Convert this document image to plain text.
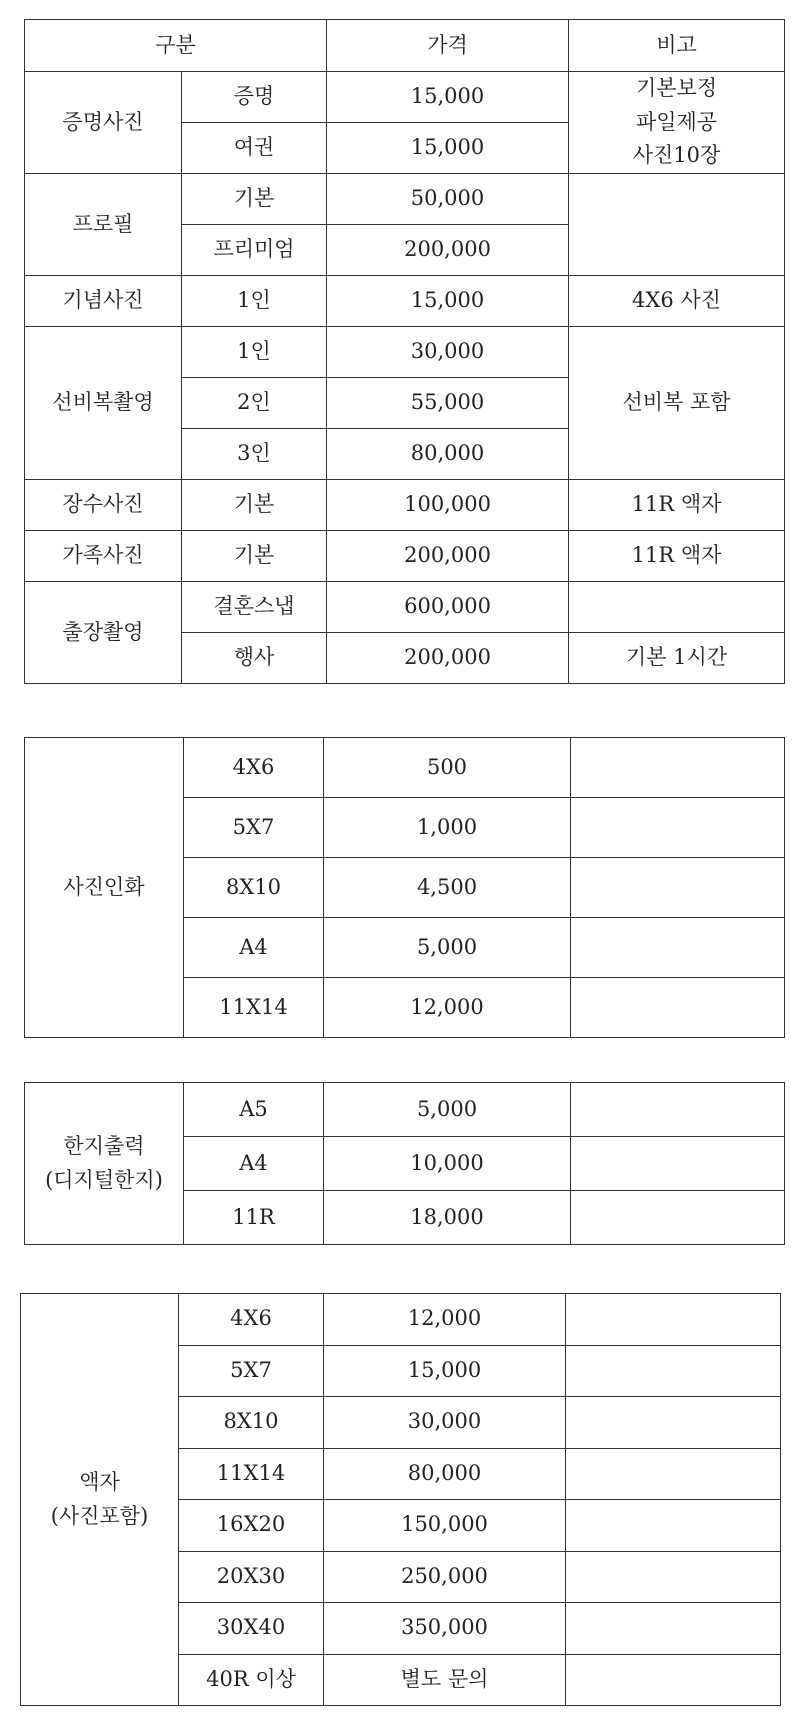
구분		가격	비고
증명사진	증명	15,000	기본보정
파일제공
사진10장
	여권	15,000	
프로필	기본	50,000	
	프리미엄	200,000	
기념사진	1인	15,000	4X6 사진
선비복촬영	1인	30,000	선비복 포함
	2인	55,000	
	3인	80,000	
장수사진	기본	100,000	11R 액자
가족사진	기본	200,000	11R 액자
출장촬영	결혼스냅	600,000	
	행사	200,000	기본 1시간
사진인화	4X6	500	
	5X7	1,000	
	8X10	4,500	
	A4	5,000	
	11X14	12,000	
한지출력
(디지털한지)	A5	5,000	
	A4	10,000	
	11R	18,000	
액자
(사진포함)	4X6	12,000	
	5X7	15,000	
	8X10	30,000	
	11X14	80,000	
	16X20	150,000	
	20X30	250,000	
	30X40	350,000	
	40R 이상	별도 문의	
